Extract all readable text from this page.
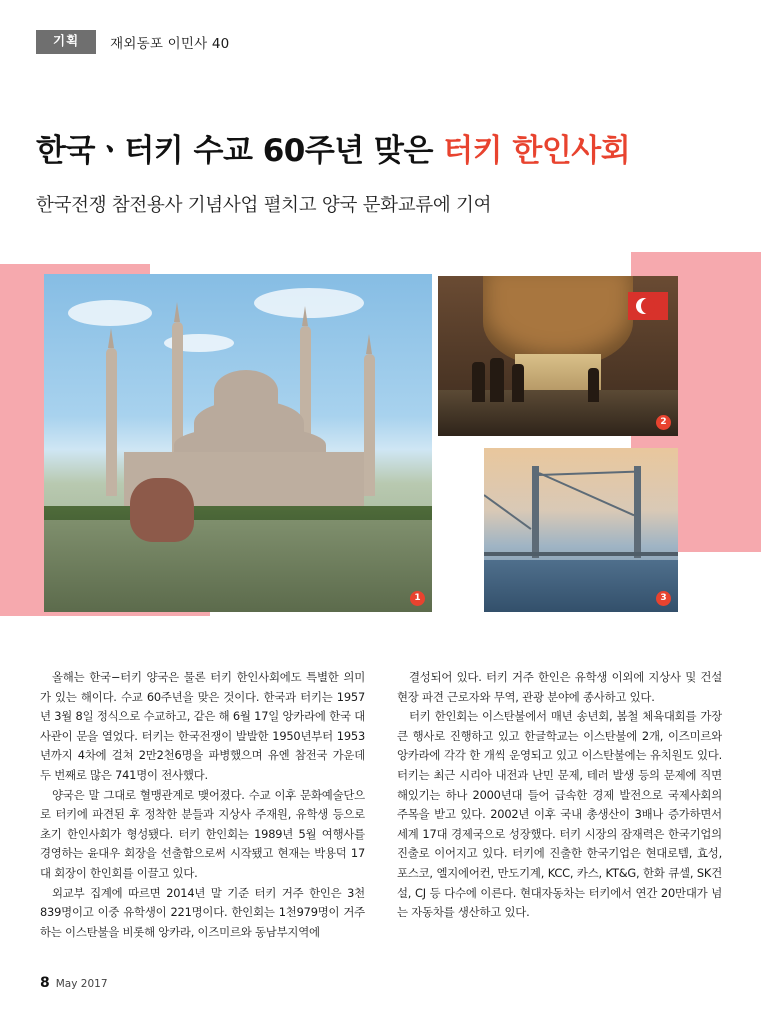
기획	재외동포 이민사 40
한국ㆍ터키 수교 60주년 맞은 터키 한인사회
한국전쟁 참전용사 기념사업 펼치고 양국 문화교류에 기여
1
2
3

올해는 한국−터키 양국은 물론 터키 한인사회에도 특별한 의미가 있는 해이다. 수교 60주년을 맞은 것이다. 한국과 터키는 1957년 3월 8일 정식으로 수교하고, 같은 해 6월 17일 앙카라에 한국 대사관이 문을 열었다. 터키는 한국전쟁이 발발한 1950년부터 1953년까지 4차에 걸쳐 2만2천6명을 파병했으며 유엔 참전국 가운데 두 번째로 많은 741명이 전사했다.

양국은 말 그대로 혈맹관계로 맺어졌다. 수교 이후 문화예술단으로 터키에 파견된 후 정착한 분들과 지상사 주재원, 유학생 등으로 초기 한인사회가 형성됐다. 터키 한인회는 1989년 5월 여행사를 경영하는 윤대우 회장을 선출함으로써 시작됐고 현재는 박용덕 17대 회장이 한인회를 이끌고 있다.

외교부 집계에 따르면 2014년 말 기준 터키 거주 한인은 3천839명이고 이중 유학생이 221명이다. 한인회는 1천979명이 거주하는 이스탄불을 비롯해 앙카라, 이즈미르와 동남부지역에

결성되어 있다. 터키 거주 한인은 유학생 이외에 지상사 및 건설현장 파견 근로자와 무역, 관광 분야에 종사하고 있다.

터키 한인회는 이스탄불에서 매년 송년회, 봄철 체육대회를 가장 큰 행사로 진행하고 있고 한글학교는 이스탄불에 2개, 이즈미르와 앙카라에 각각 한 개씩 운영되고 있고 이스탄불에는 유치원도 있다. 터키는 최근 시리아 내전과 난민 문제, 테러 발생 등의 문제에 직면해있기는 하나 2000년대 들어 급속한 경제 발전으로 국제사회의 주목을 받고 있다. 2002년 이후 국내 총생산이 3배나 증가하면서 세계 17대 경제국으로 성장했다. 터키 시장의 잠재력은 한국기업의 진출로 이어지고 있다. 터키에 진출한 한국기업은 현대로템, 효성, 포스코, 엘지에어컨, 만도기계, KCC, 카스, KT&G, 한화 큐셀, SK건설, CJ 등 다수에 이른다. 현대자동차는 터키에서 연간 20만대가 넘는 자동차를 생산하고 있다.

8 May 2017
